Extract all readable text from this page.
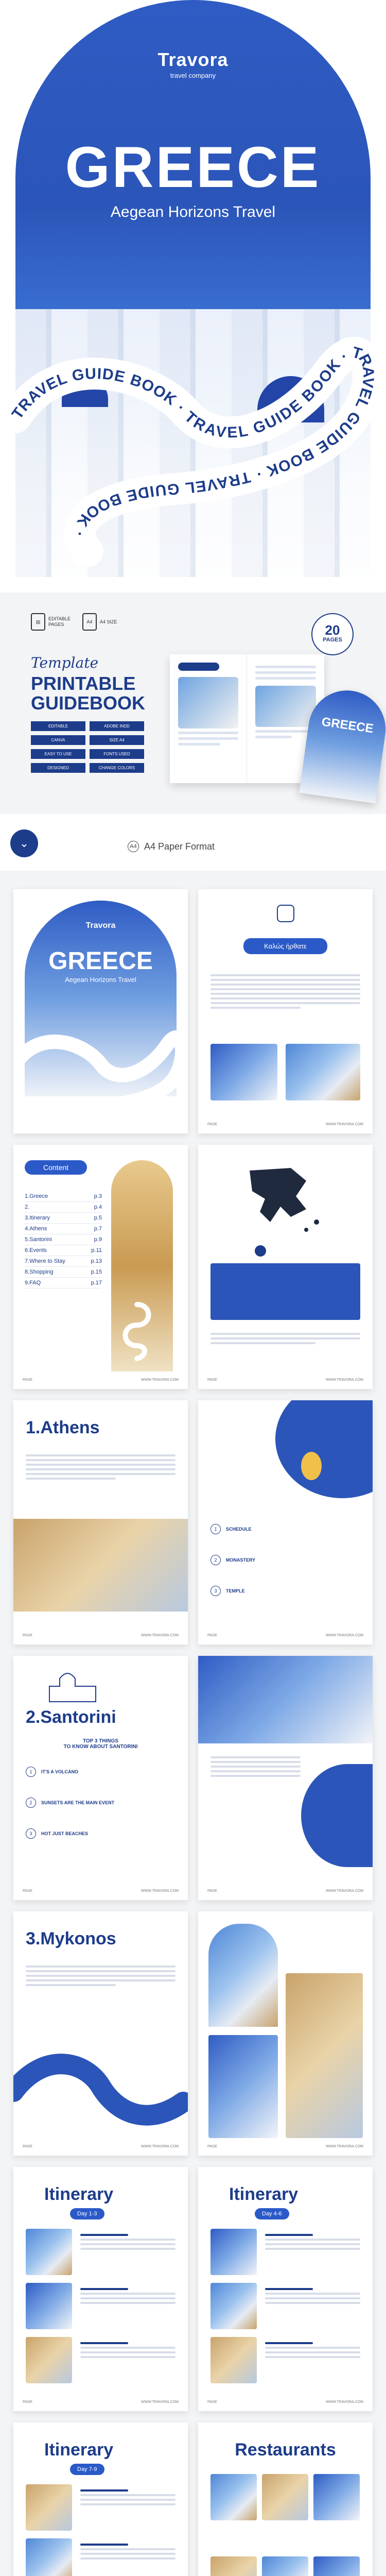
Travora
travel company
GREECE
Aegean Horizons Travel
TRAVEL GUIDE BOOK · TRAVEL GUIDE BOOK · TRAVEL GUIDE BOOK · TRAVEL GUIDE BOOK ·
▤
EDITABLE PAGES	A4	A4 SIZE
20
PAGES
Template
PRINTABLE
GUIDEBOOK
EDITABLE	ADOBE INDD
CANVA	SIZE A4
EASY TO USE	FONTS USED
DESIGNED	CHANGE COLORS
GREECE
⌄	A4 A4 Paper Format
Travora
GREECE
Aegean Horizons Travel
Καλώς ήρθατε
PAGE	WWW.TRAVORA.COM
Content
1.Greece	p.3
2.	p.4
3.Itinerary	p.5
4.Athens	p.7
5.Santorini	p.9
6.Events	p.11
7.Where to Stay	p.13
8.Shopping	p.15
9.FAQ	p.17
PAGE	WWW.TRAVORA.COM	PAGE	WWW.TRAVORA.COM
1.Athens
PAGE	WWW.TRAVORA.COM
1	SCHEDULE
2	MONASTERY
3	TEMPLE
PAGE	WWW.TRAVORA.COM
2.Santorini
TOP 3 THINGS
TO KNOW ABOUT SANTORINI
1	IT'S A VOLCANO
2	SUNSETS ARE THE MAIN EVENT
3	HOT JUST BEACHES
PAGE	WWW.TRAVORA.COM	PAGE	WWW.TRAVORA.COM
3.Mykonos
PAGE	WWW.TRAVORA.COM	PAGE	WWW.TRAVORA.COM
Itinerary
Day 1-3
PAGE	WWW.TRAVORA.COM
Itinerary
Day 4-6
PAGE	WWW.TRAVORA.COM
Itinerary
Day 7-9
Restaurants
